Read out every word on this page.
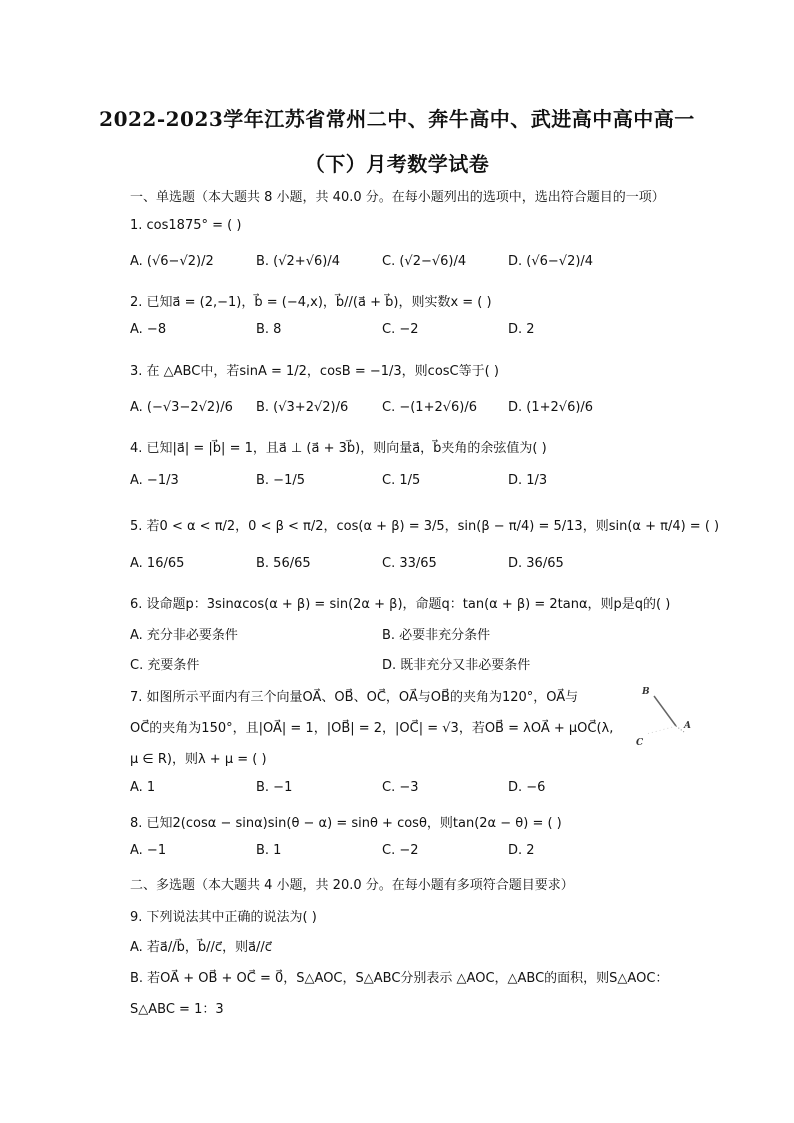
2022-2023学年江苏省常州二中、奔牛高中、武进高中高中高一
（下）月考数学试卷
一、单选题（本大题共 8 小题，共 40.0 分。在每小题列出的选项中，选出符合题目的一项）
1. cos1875° = ( )
A. (√6−√2)/2	B. (√2+√6)/4	C. (√2−√6)/4	D. (√6−√2)/4
2. 已知a⃗ = (2,−1)，b⃗ = (−4,x)，b⃗//(a⃗ + b⃗)，则实数x = ( )
A. −8	B. 8	C. −2	D. 2
3. 在 △ABC中，若sinA = 1/2，cosB = −1/3，则cosC等于( )
A. (−√3−2√2)/6 B. (√3+2√2)/6	C. −(1+2√6)/6 D. (1+2√6)/6
4. 已知|a⃗| = |b⃗| = 1，且a⃗ ⊥ (a⃗ + 3b⃗)，则向量a⃗，b⃗夹角的余弦值为( )
A. −1/3	B. −1/5	C. 1/5	D. 1/3
5. 若0 < α < π/2，0 < β < π/2，cos(α + β) = 3/5，sin(β − π/4) = 5/13，则sin(α + π/4) = ( )
A. 16/65	B. 56/65	C. 33/65	D. 36/65
6. 设命题p：3sinαcos(α + β) = sin(2α + β)，命题q：tan(α + β) = 2tanα，则p是q的( )
A. 充分非必要条件	B. 必要非充分条件
C. 充要条件	D. 既非充分又非必要条件
7. 如图所示平面内有三个向量OA⃗、OB⃗、OC⃗，OA⃗与OB⃗的夹角为120°，OA⃗与
OC⃗的夹角为150°，且|OA⃗| = 1，|OB⃗| = 2，|OC⃗| = √3，若OB⃗ = λOA⃗ + μOC⃗(λ,
μ ∈ R)，则λ + μ = ( )
B
A
C
A. 1	B. −1	C. −3	D. −6
8. 已知2(cosα − sinα)sin(θ − α) = sinθ + cosθ，则tan(2α − θ) = ( )
A. −1	B. 1	C. −2	D. 2
二、多选题（本大题共 4 小题，共 20.0 分。在每小题有多项符合题目要求）
9. 下列说法其中正确的说法为( )
A. 若a⃗//b⃗，b⃗//c⃗，则a⃗//c⃗
B. 若OA⃗ + OB⃗ + OC⃗ = 0⃗，S△AOC，S△ABC分别表示 △AOC，△ABC的面积，则S△AOC：
S△ABC = 1：3
